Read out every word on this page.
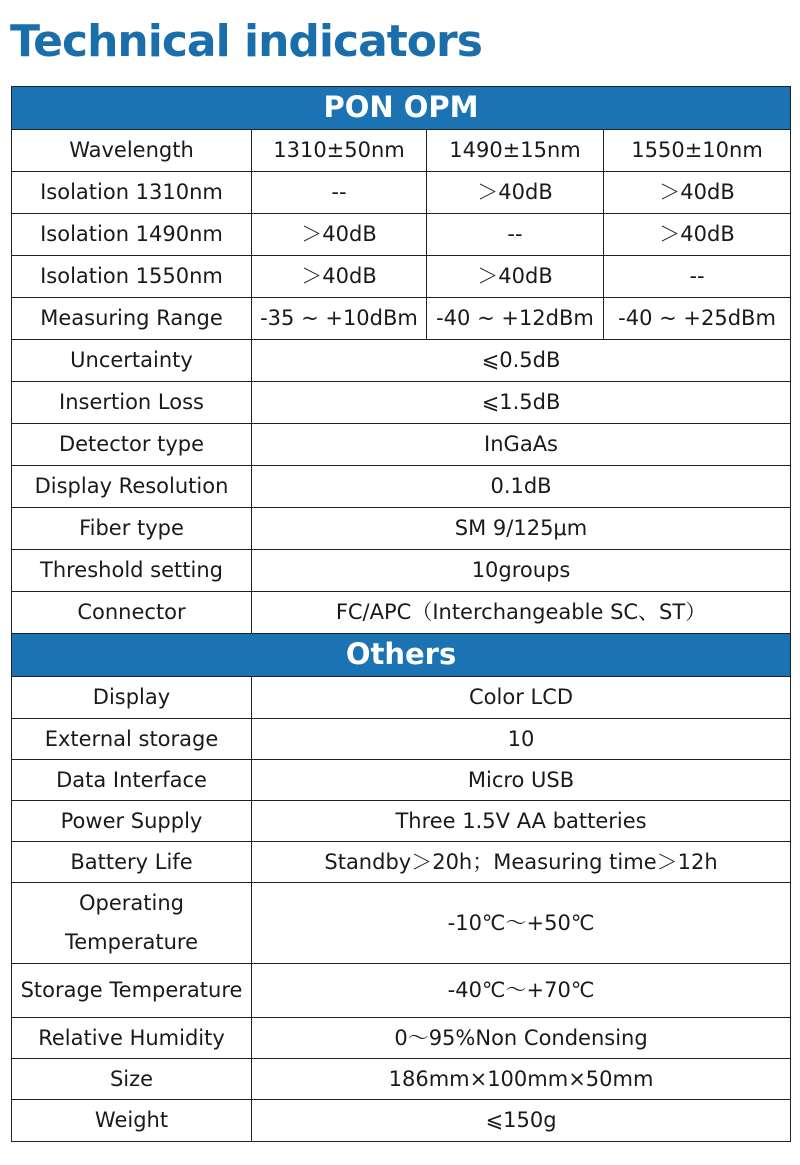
Technical indicators
PON OPM			
Wavelength	1310±50nm	1490±15nm	1550±10nm
Isolation 1310nm	--	＞40dB	＞40dB
Isolation 1490nm	＞40dB	--	＞40dB
Isolation 1550nm	＞40dB	＞40dB	--
Measuring Range	-35 ~ +10dBm	-40 ~ +12dBm	-40 ~ +25dBm
Uncertainty	⩽0.5dB		
Insertion Loss	⩽1.5dB		
Detector type	InGaAs		
Display Resolution	0.1dB		
Fiber type	SM 9/125μm		
Threshold setting	10groups		
Connector	FC/APC（Interchangeable SC、ST）		
Others			
Display	Color LCD		
External storage	10		
Data Interface	Micro USB		
Power Supply	Three 1.5V AA batteries		
Battery Life	Standby＞20h；Measuring time＞12h		
Operating Temperature	-10℃～+50℃		
Storage Temperature	-40℃～+70℃		
Relative Humidity	0～95%Non Condensing		
Size	186mm×100mm×50mm		
Weight	⩽150g		
